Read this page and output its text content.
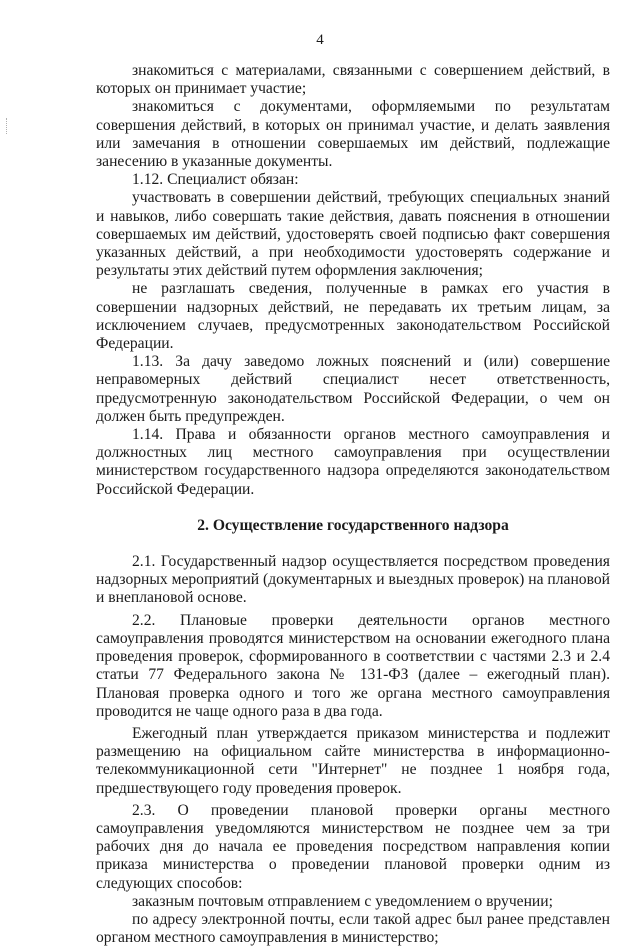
4

знакомиться с материалами, связанными с совершением действий, в которых он принимает участие;

знакомиться с документами, оформляемыми по результатам совершения действий, в которых он принимал участие, и делать заявления или замечания в отношении совершаемых им действий, подлежащие занесению в указанные документы.

1.12. Специалист обязан:

участвовать в совершении действий, требующих специальных знаний и навыков, либо совершать такие действия, давать пояснения в отношении совершаемых им действий, удостоверять своей подписью факт совершения указанных действий, а при необходимости удостоверять содержание и результаты этих действий путем оформления заключения;

не разглашать сведения, полученные в рамках его участия в совершении надзорных действий, не передавать их третьим лицам, за исключением случаев, предусмотренных законодательством Российской Федерации.

1.13. За дачу заведомо ложных пояснений и (или) совершение неправомерных действий специалист несет ответственность, предусмотренную законодательством Российской Федерации, о чем он должен быть предупрежден.

1.14. Права и обязанности органов местного самоуправления и должностных лиц местного самоуправления при осуществлении министерством государственного надзора определяются законодательством Российской Федерации.

2. Осуществление государственного надзора

2.1. Государственный надзор осуществляется посредством проведения надзорных мероприятий (документарных и выездных проверок) на плановой и внеплановой основе.

2.2. Плановые проверки деятельности органов местного самоуправления проводятся министерством на основании ежегодного плана проведения проверок, сформированного в соответствии с частями 2.3 и 2.4 статьи 77 Федерального закона № 131-ФЗ (далее – ежегодный план). Плановая проверка одного и того же органа местного самоуправления проводится не чаще одного раза в два года.

Ежегодный план утверждается приказом министерства и подлежит размещению на официальном сайте министерства в информационно-телекоммуникационной сети "Интернет" не позднее 1 ноября года, предшествующего году проведения проверок.

2.3. О проведении плановой проверки органы местного самоуправления уведомляются министерством не позднее чем за три рабочих дня до начала ее проведения посредством направления копии приказа министерства о проведении плановой проверки одним из следующих способов:

заказным почтовым отправлением с уведомлением о вручении;

по адресу электронной почты, если такой адрес был ранее представлен органом местного самоуправления в министерство;
